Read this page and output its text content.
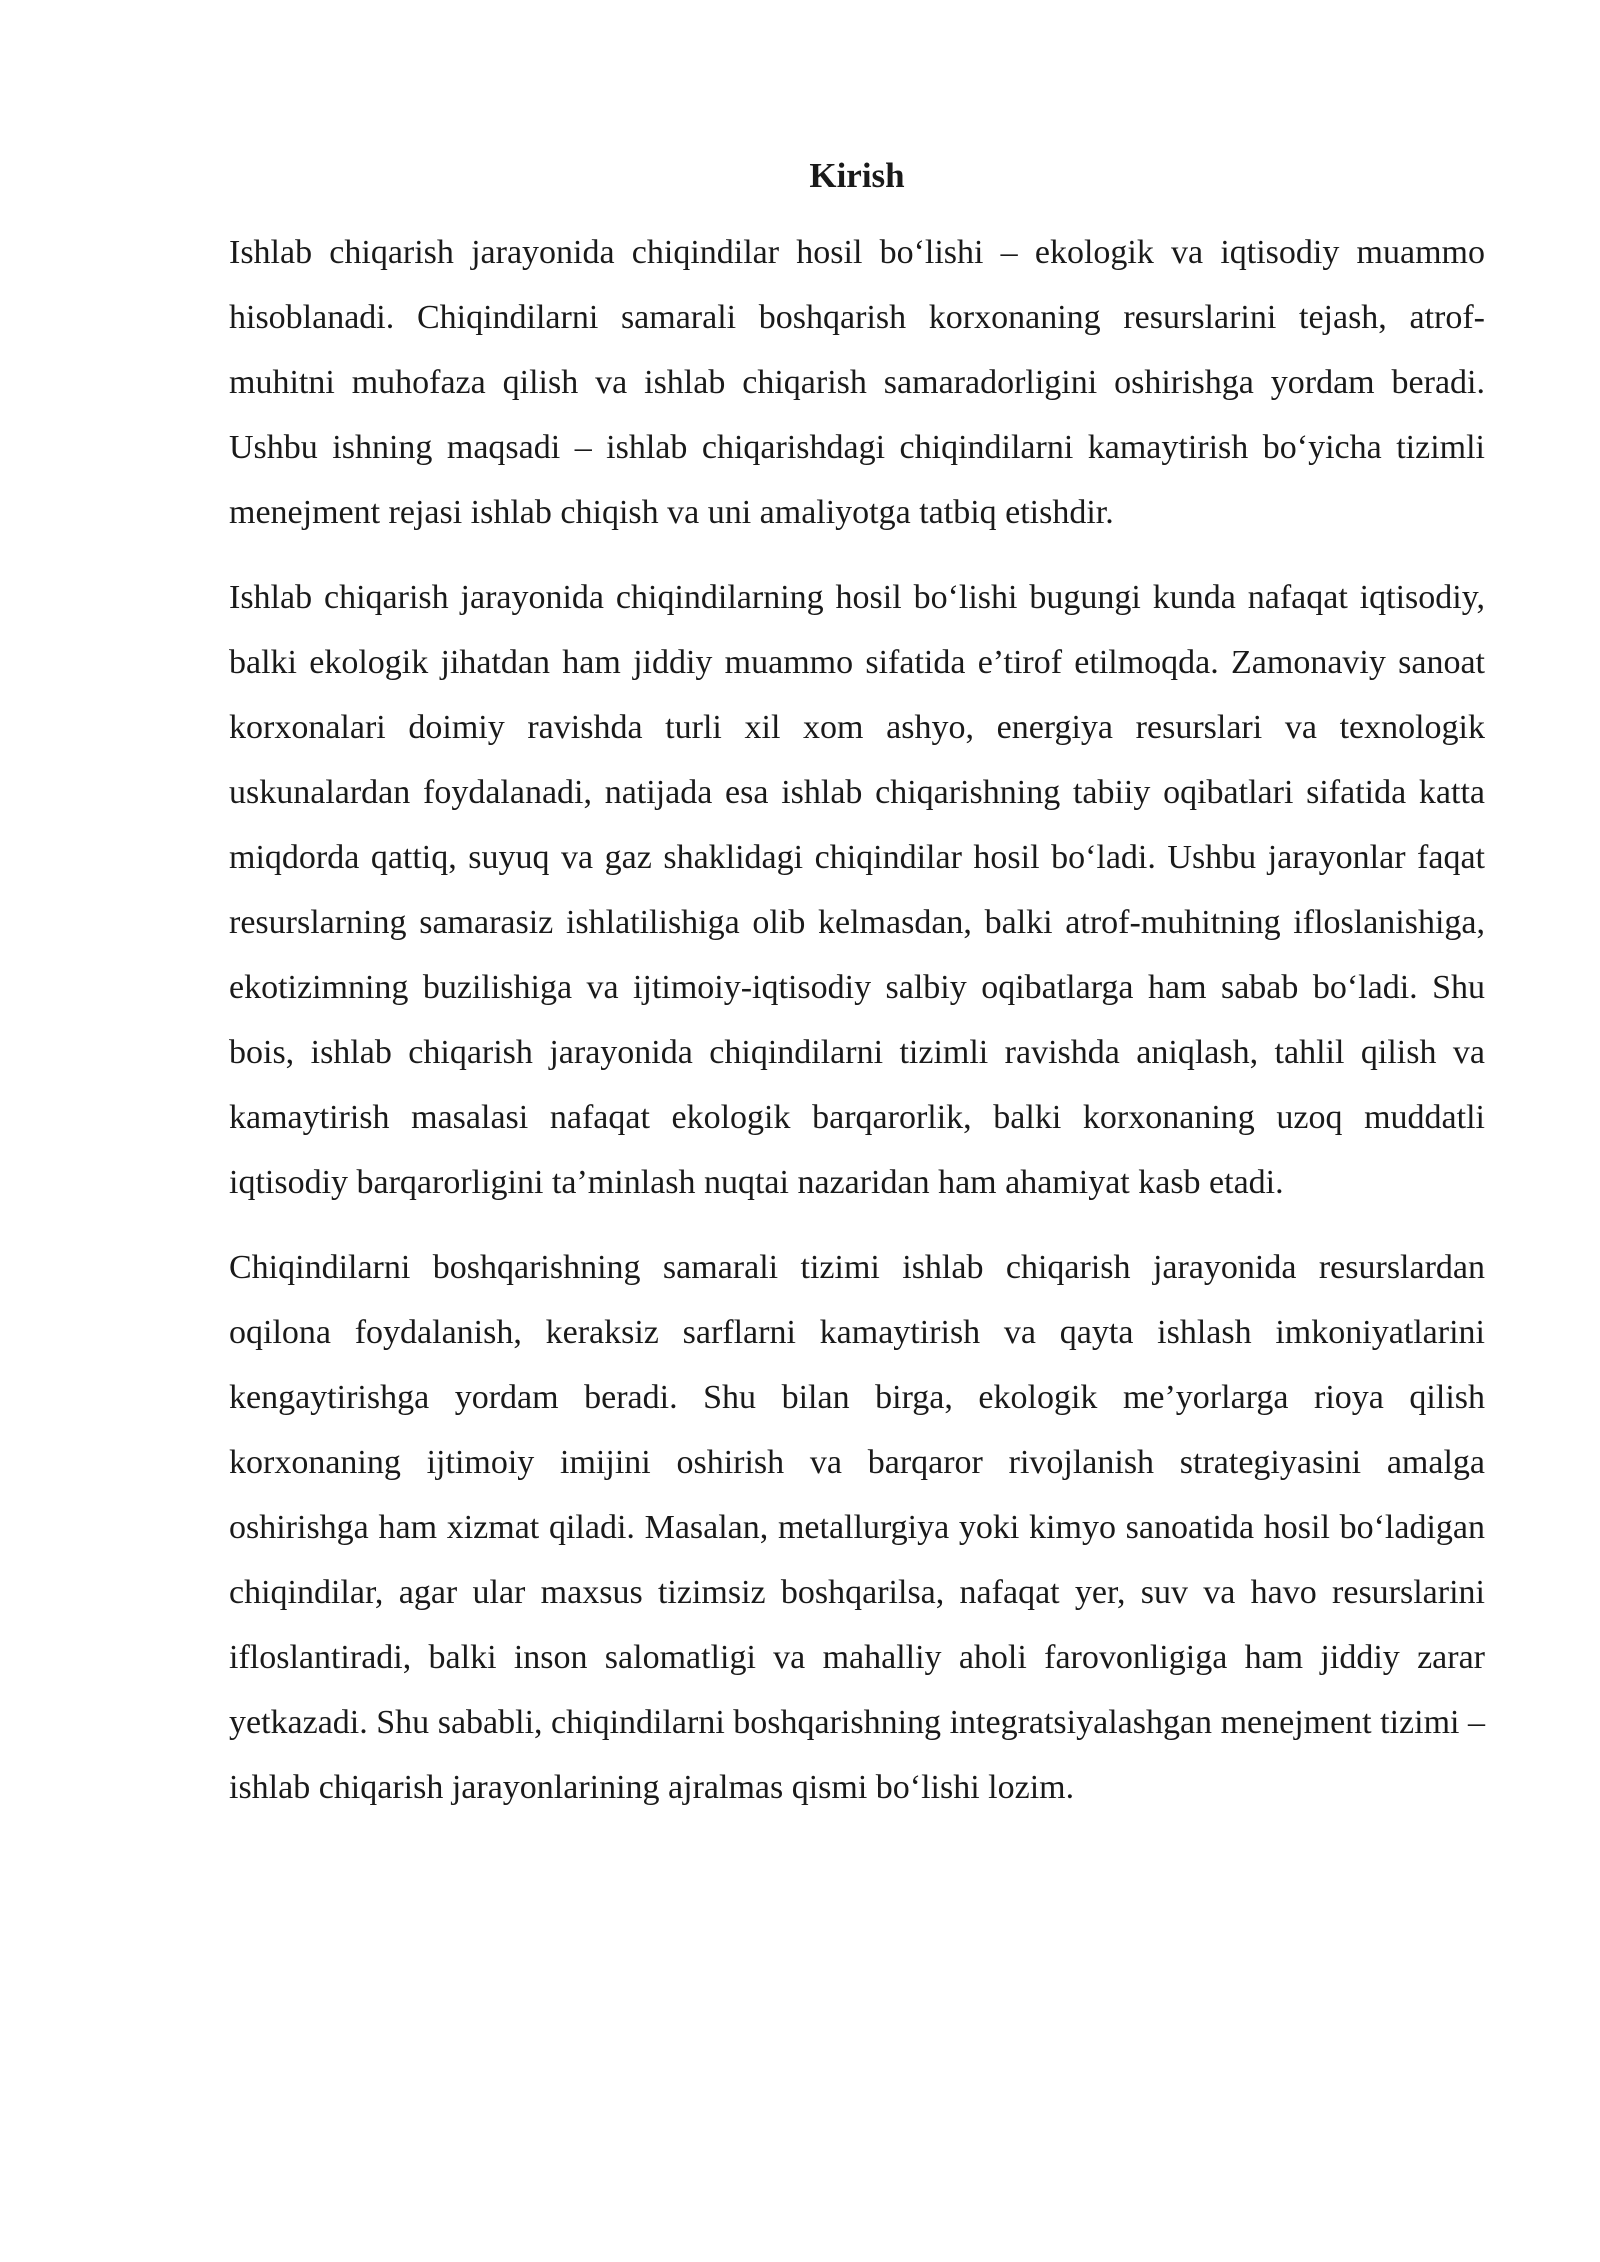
Kirish

Ishlab chiqarish jarayonida chiqindilar hosil bo‘lishi – ekologik va iqtisodiy muammo hisoblanadi. Chiqindilarni samarali boshqarish korxonaning resurslarini tejash, atrof-muhitni muhofaza qilish va ishlab chiqarish samaradorligini oshirishga yordam beradi. Ushbu ishning maqsadi – ishlab chiqarishdagi chiqindilarni kamaytirish bo‘yicha tizimli menejment rejasi ishlab chiqish va uni amaliyotga tatbiq etishdir.

Ishlab chiqarish jarayonida chiqindilarning hosil bo‘lishi bugungi kunda nafaqat iqtisodiy, balki ekologik jihatdan ham jiddiy muammo sifatida e’tirof etilmoqda. Zamonaviy sanoat korxonalari doimiy ravishda turli xil xom ashyo, energiya resurslari va texnologik uskunalardan foydalanadi, natijada esa ishlab chiqarishning tabiiy oqibatlari sifatida katta miqdorda qattiq, suyuq va gaz shaklidagi chiqindilar hosil bo‘ladi. Ushbu jarayonlar faqat resurslarning samarasiz ishlatilishiga olib kelmasdan, balki atrof-muhitning ifloslanishiga, ekotizimning buzilishiga va ijtimoiy-iqtisodiy salbiy oqibatlarga ham sabab bo‘ladi. Shu bois, ishlab chiqarish jarayonida chiqindilarni tizimli ravishda aniqlash, tahlil qilish va kamaytirish masalasi nafaqat ekologik barqarorlik, balki korxonaning uzoq muddatli iqtisodiy barqarorligini ta’minlash nuqtai nazaridan ham ahamiyat kasb etadi.

Chiqindilarni boshqarishning samarali tizimi ishlab chiqarish jarayonida resurslardan oqilona foydalanish, keraksiz sarflarni kamaytirish va qayta ishlash imkoniyatlarini kengaytirishga yordam beradi. Shu bilan birga, ekologik me’yorlarga rioya qilish korxonaning ijtimoiy imijini oshirish va barqaror rivojlanish strategiyasini amalga oshirishga ham xizmat qiladi. Masalan, metallurgiya yoki kimyo sanoatida hosil bo‘ladigan chiqindilar, agar ular maxsus tizimsiz boshqarilsa, nafaqat yer, suv va havo resurslarini ifloslantiradi, balki inson salomatligi va mahalliy aholi farovonligiga ham jiddiy zarar yetkazadi. Shu sababli, chiqindilarni boshqarishning integratsiyalashgan menejment tizimi – ishlab chiqarish jarayonlarining ajralmas qismi bo‘lishi lozim.
